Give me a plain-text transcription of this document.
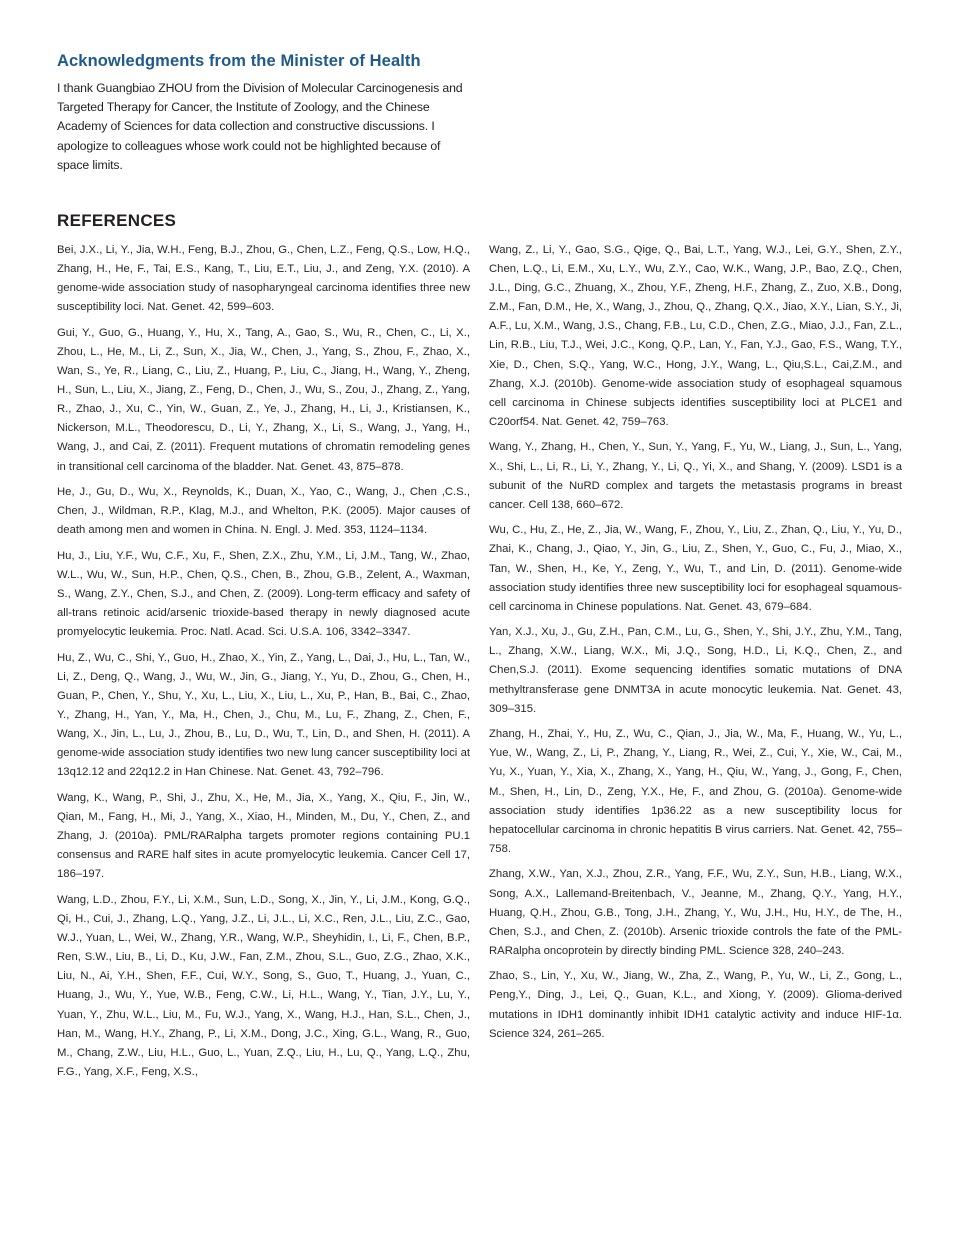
Acknowledgments from the Minister of Health

I thank Guangbiao ZHOU from the Division of Molecular Carcinogenesis and Targeted Therapy for Cancer, the Institute of Zoology, and the Chinese Academy of Sciences for data collection and constructive discussions. I apologize to colleagues whose work could not be highlighted because of space limits.

REFERENCES

Bei, J.X., Li, Y., Jia, W.H., Feng, B.J., Zhou, G., Chen, L.Z., Feng, Q.S., Low, H.Q., Zhang, H., He, F., Tai, E.S., Kang, T., Liu, E.T., Liu, J., and Zeng, Y.X. (2010). A genome-wide association study of nasopharyngeal carcinoma identifies three new susceptibility loci. Nat. Genet. 42, 599–603.

Gui, Y., Guo, G., Huang, Y., Hu, X., Tang, A., Gao, S., Wu, R., Chen, C., Li, X., Zhou, L., He, M., Li, Z., Sun, X., Jia, W., Chen, J., Yang, S., Zhou, F., Zhao, X., Wan, S., Ye, R., Liang, C., Liu, Z., Huang, P., Liu, C., Jiang, H., Wang, Y., Zheng, H., Sun, L., Liu, X., Jiang, Z., Feng, D., Chen, J., Wu, S., Zou, J., Zhang, Z., Yang, R., Zhao, J., Xu, C., Yin, W., Guan, Z., Ye, J., Zhang, H., Li, J., Kristiansen, K., Nickerson, M.L., Theodorescu, D., Li, Y., Zhang, X., Li, S., Wang, J., Yang, H., Wang, J., and Cai, Z. (2011). Frequent mutations of chromatin remodeling genes in transitional cell carcinoma of the bladder. Nat. Genet. 43, 875–878.

He, J., Gu, D., Wu, X., Reynolds, K., Duan, X., Yao, C., Wang, J., Chen ,C.S., Chen, J., Wildman, R.P., Klag, M.J., and Whelton, P.K. (2005). Major causes of death among men and women in China. N. Engl. J. Med. 353, 1124–1134.

Hu, J., Liu, Y.F., Wu, C.F., Xu, F., Shen, Z.X., Zhu, Y.M., Li, J.M., Tang, W., Zhao, W.L., Wu, W., Sun, H.P., Chen, Q.S., Chen, B., Zhou, G.B., Zelent, A., Waxman, S., Wang, Z.Y., Chen, S.J., and Chen, Z. (2009). Long-term efficacy and safety of all-trans retinoic acid/arsenic trioxide-based therapy in newly diagnosed acute promyelocytic leukemia. Proc. Natl. Acad. Sci. U.S.A. 106, 3342–3347.

Hu, Z., Wu, C., Shi, Y., Guo, H., Zhao, X., Yin, Z., Yang, L., Dai, J., Hu, L., Tan, W., Li, Z., Deng, Q., Wang, J., Wu, W., Jin, G., Jiang, Y., Yu, D., Zhou, G., Chen, H., Guan, P., Chen, Y., Shu, Y., Xu, L., Liu, X., Liu, L., Xu, P., Han, B., Bai, C., Zhao, Y., Zhang, H., Yan, Y., Ma, H., Chen, J., Chu, M., Lu, F., Zhang, Z., Chen, F., Wang, X., Jin, L., Lu, J., Zhou, B., Lu, D., Wu, T., Lin, D., and Shen, H. (2011). A genome-wide association study identifies two new lung cancer susceptibility loci at 13q12.12 and 22q12.2 in Han Chinese. Nat. Genet. 43, 792–796.

Wang, K., Wang, P., Shi, J., Zhu, X., He, M., Jia, X., Yang, X., Qiu, F., Jin, W., Qian, M., Fang, H., Mi, J., Yang, X., Xiao, H., Minden, M., Du, Y., Chen, Z., and Zhang, J. (2010a). PML/RARalpha targets promoter regions containing PU.1 consensus and RARE half sites in acute promyelocytic leukemia. Cancer Cell 17, 186–197.

Wang, L.D., Zhou, F.Y., Li, X.M., Sun, L.D., Song, X., Jin, Y., Li, J.M., Kong, G.Q., Qi, H., Cui, J., Zhang, L.Q., Yang, J.Z., Li, J.L., Li, X.C., Ren, J.L., Liu, Z.C., Gao, W.J., Yuan, L., Wei, W., Zhang, Y.R., Wang, W.P., Sheyhidin, I., Li, F., Chen, B.P., Ren, S.W., Liu, B., Li, D., Ku, J.W., Fan, Z.M., Zhou, S.L., Guo, Z.G., Zhao, X.K., Liu, N., Ai, Y.H., Shen, F.F., Cui, W.Y., Song, S., Guo, T., Huang, J., Yuan, C., Huang, J., Wu, Y., Yue, W.B., Feng, C.W., Li, H.L., Wang, Y., Tian, J.Y., Lu, Y., Yuan, Y., Zhu, W.L., Liu, M., Fu, W.J., Yang, X., Wang, H.J., Han, S.L., Chen, J., Han, M., Wang, H.Y., Zhang, P., Li, X.M., Dong, J.C., Xing, G.L., Wang, R., Guo, M., Chang, Z.W., Liu, H.L., Guo, L., Yuan, Z.Q., Liu, H., Lu, Q., Yang, L.Q., Zhu, F.G., Yang, X.F., Feng, X.S.,

Wang, Z., Li, Y., Gao, S.G., Qige, Q., Bai, L.T., Yang, W.J., Lei, G.Y., Shen, Z.Y., Chen, L.Q., Li, E.M., Xu, L.Y., Wu, Z.Y., Cao, W.K., Wang, J.P., Bao, Z.Q., Chen, J.L., Ding, G.C., Zhuang, X., Zhou, Y.F., Zheng, H.F., Zhang, Z., Zuo, X.B., Dong, Z.M., Fan, D.M., He, X., Wang, J., Zhou, Q., Zhang, Q.X., Jiao, X.Y., Lian, S.Y., Ji, A.F., Lu, X.M., Wang, J.S., Chang, F.B., Lu, C.D., Chen, Z.G., Miao, J.J., Fan, Z.L., Lin, R.B., Liu, T.J., Wei, J.C., Kong, Q.P., Lan, Y., Fan, Y.J., Gao, F.S., Wang, T.Y., Xie, D., Chen, S.Q., Yang, W.C., Hong, J.Y., Wang, L., Qiu,S.L., Cai,Z.M., and Zhang, X.J. (2010b). Genome-wide association study of esophageal squamous cell carcinoma in Chinese subjects identifies susceptibility loci at PLCE1 and C20orf54. Nat. Genet. 42, 759–763.

Wang, Y., Zhang, H., Chen, Y., Sun, Y., Yang, F., Yu, W., Liang, J., Sun, L., Yang, X., Shi, L., Li, R., Li, Y., Zhang, Y., Li, Q., Yi, X., and Shang, Y. (2009). LSD1 is a subunit of the NuRD complex and targets the metastasis programs in breast cancer. Cell 138, 660–672.

Wu, C., Hu, Z., He, Z., Jia, W., Wang, F., Zhou, Y., Liu, Z., Zhan, Q., Liu, Y., Yu, D., Zhai, K., Chang, J., Qiao, Y., Jin, G., Liu, Z., Shen, Y., Guo, C., Fu, J., Miao, X., Tan, W., Shen, H., Ke, Y., Zeng, Y., Wu, T., and Lin, D. (2011). Genome-wide association study identifies three new susceptibility loci for esophageal squamous-cell carcinoma in Chinese populations. Nat. Genet. 43, 679–684.

Yan, X.J., Xu, J., Gu, Z.H., Pan, C.M., Lu, G., Shen, Y., Shi, J.Y., Zhu, Y.M., Tang, L., Zhang, X.W., Liang, W.X., Mi, J.Q., Song, H.D., Li, K.Q., Chen, Z., and Chen,S.J. (2011). Exome sequencing identifies somatic mutations of DNA methyltransferase gene DNMT3A in acute monocytic leukemia. Nat. Genet. 43, 309–315.

Zhang, H., Zhai, Y., Hu, Z., Wu, C., Qian, J., Jia, W., Ma, F., Huang, W., Yu, L., Yue, W., Wang, Z., Li, P., Zhang, Y., Liang, R., Wei, Z., Cui, Y., Xie, W., Cai, M., Yu, X., Yuan, Y., Xia, X., Zhang, X., Yang, H., Qiu, W., Yang, J., Gong, F., Chen, M., Shen, H., Lin, D., Zeng, Y.X., He, F., and Zhou, G. (2010a). Genome-wide association study identifies 1p36.22 as a new susceptibility locus for hepatocellular carcinoma in chronic hepatitis B virus carriers. Nat. Genet. 42, 755–758.

Zhang, X.W., Yan, X.J., Zhou, Z.R., Yang, F.F., Wu, Z.Y., Sun, H.B., Liang, W.X., Song, A.X., Lallemand-Breitenbach, V., Jeanne, M., Zhang, Q.Y., Yang, H.Y., Huang, Q.H., Zhou, G.B., Tong, J.H., Zhang, Y., Wu, J.H., Hu, H.Y., de The, H., Chen, S.J., and Chen, Z. (2010b). Arsenic trioxide controls the fate of the PML-RARalpha oncoprotein by directly binding PML. Science 328, 240–243.

Zhao, S., Lin, Y., Xu, W., Jiang, W., Zha, Z., Wang, P., Yu, W., Li, Z., Gong, L., Peng,Y., Ding, J., Lei, Q., Guan, K.L., and Xiong, Y. (2009). Glioma-derived mutations in IDH1 dominantly inhibit IDH1 catalytic activity and induce HIF-1α. Science 324, 261–265.
